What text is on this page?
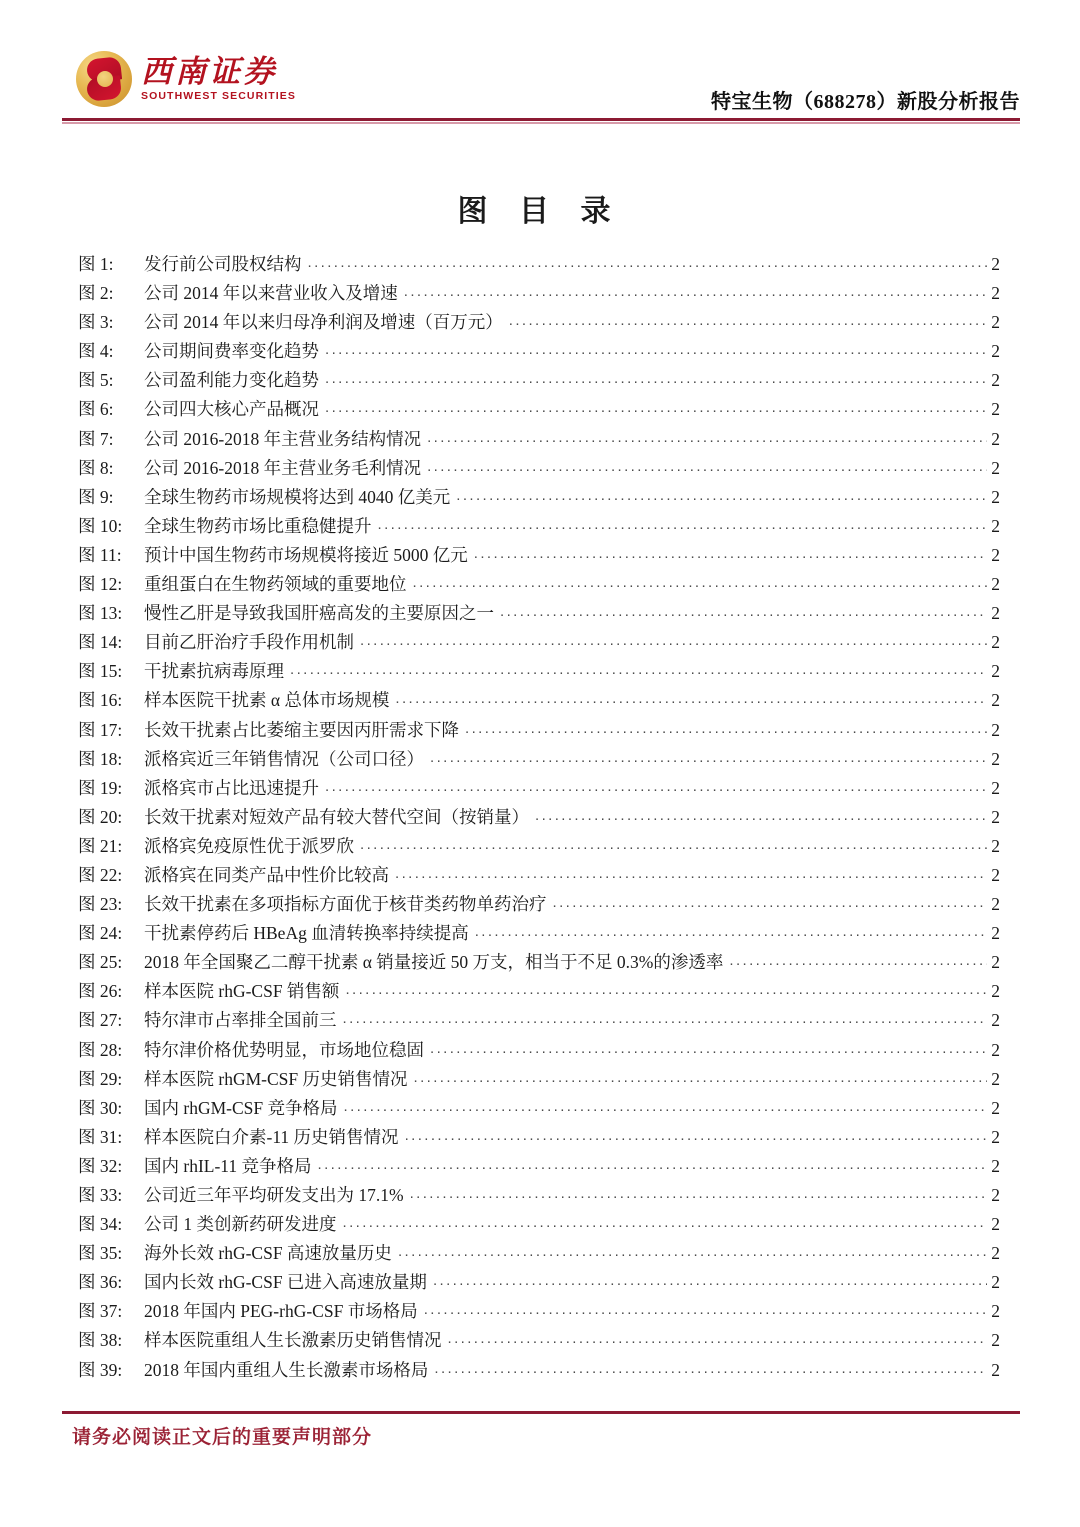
西南证券
SOUTHWEST SECURITIES	特宝生物（688278）新股分析报告
图 目 录
图 1:	发行前公司股权结构 .....	2
图 2:	公司 2014 年以来营业收入及增速 .....	2
图 3:	公司 2014 年以来归母净利润及增速（百万元） .....	2
图 4:	公司期间费率变化趋势 .....	2
图 5:	公司盈利能力变化趋势 .....	2
图 6:	公司四大核心产品概况 .....	2
图 7:	公司 2016-2018 年主营业务结构情况 .....	2
图 8:	公司 2016-2018 年主营业务毛利情况 .....	2
图 9:	全球生物药市场规模将达到 4040 亿美元 .....	2
图 10:	全球生物药市场比重稳健提升 .....	2
图 11:	预计中国生物药市场规模将接近 5000 亿元 .....	2
图 12:	重组蛋白在生物药领域的重要地位 .....	2
图 13:	慢性乙肝是导致我国肝癌高发的主要原因之一 .....	2
图 14:	目前乙肝治疗手段作用机制 .....	2
图 15:	干扰素抗病毒原理 .....	2
图 16:	样本医院干扰素 α 总体市场规模 .....	2
图 17:	长效干扰素占比萎缩主要因丙肝需求下降 .....	2
图 18:	派格宾近三年销售情况（公司口径） .....	2
图 19:	派格宾市占比迅速提升 .....	2
图 20:	长效干扰素对短效产品有较大替代空间（按销量） .....	2
图 21:	派格宾免疫原性优于派罗欣 .....	2
图 22:	派格宾在同类产品中性价比较高 .....	2
图 23:	长效干扰素在多项指标方面优于核苷类药物单药治疗 .....	2
图 24:	干扰素停药后 HBeAg 血清转换率持续提高 .....	2
图 25:	2018 年全国聚乙二醇干扰素 α 销量接近 50 万支，相当于不足 0.3%的渗透率 .....	2
图 26:	样本医院 rhG-CSF 销售额 .....	2
图 27:	特尔津市占率排全国前三 .....	2
图 28:	特尔津价格优势明显，市场地位稳固 .....	2
图 29:	样本医院 rhGM-CSF 历史销售情况 .....	2
图 30:	国内 rhGM-CSF 竞争格局 .....	2
图 31:	样本医院白介素-11 历史销售情况 .....	2
图 32:	国内 rhIL-11 竞争格局 .....	2
图 33:	公司近三年平均研发支出为 17.1% .....	2
图 34:	公司 1 类创新药研发进度 .....	2
图 35:	海外长效 rhG-CSF 高速放量历史 .....	2
图 36:	国内长效 rhG-CSF 已进入高速放量期 .....	2
图 37:	2018 年国内 PEG-rhG-CSF 市场格局 .....	2
图 38:	样本医院重组人生长激素历史销售情况 .....	2
图 39:	2018 年国内重组人生长激素市场格局 .....	2
请务必阅读正文后的重要声明部分
